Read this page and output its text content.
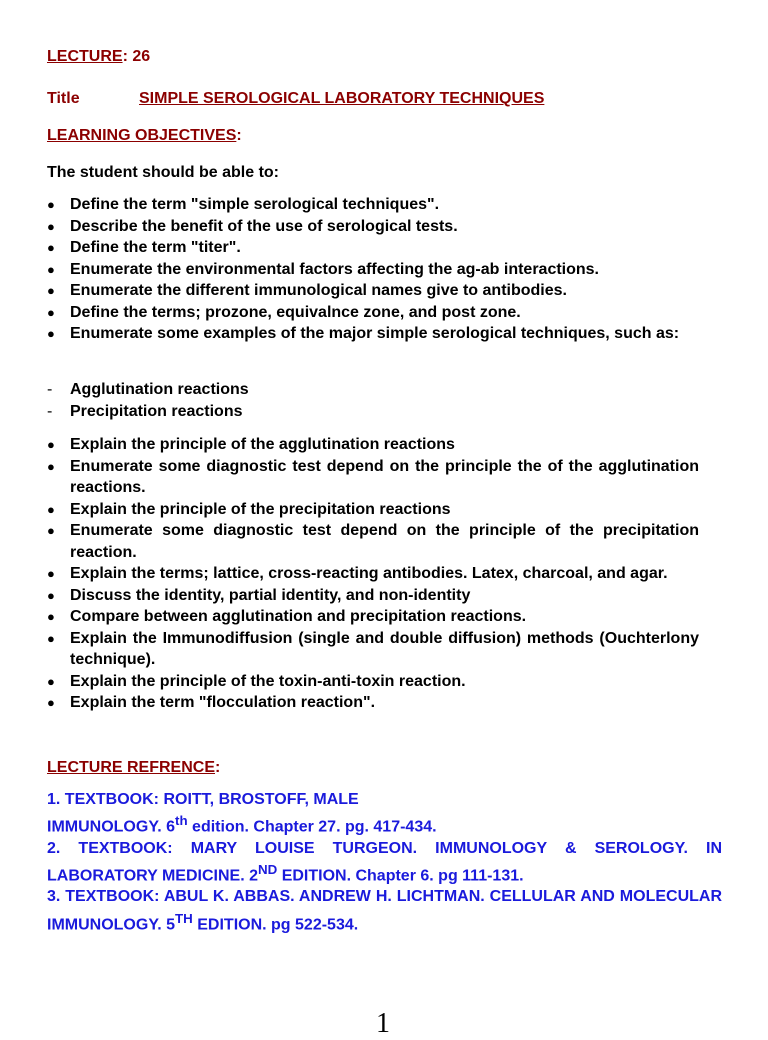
LECTURE: 26
Title	SIMPLE SEROLOGICAL LABORATORY TECHNIQUES
LEARNING OBJECTIVES:
The student should be able to:
● Define the term "simple serological techniques".
● Describe the benefit of the use of serological tests.
● Define the term "titer".
● Enumerate the environmental factors affecting the ag-ab interactions.
● Enumerate the different immunological names give to antibodies.
● Define the terms; prozone, equivalnce zone, and post zone.
● Enumerate some examples of the major simple serological techniques, such as:
- Agglutination reactions
- Precipitation reactions
● Explain the principle of the agglutination reactions
● Enumerate some diagnostic test depend on the principle the of the agglutination reactions.
● Explain the principle of the precipitation reactions
● Enumerate some diagnostic test depend on the principle of the precipitation reaction.
● Explain the terms; lattice, cross-reacting antibodies. Latex, charcoal, and agar.
● Discuss the identity, partial identity, and non-identity
● Compare between agglutination and precipitation reactions.
● Explain the Immunodiffusion (single and double diffusion) methods (Ouchterlony technique).
● Explain the principle of the toxin-anti-toxin reaction.
● Explain the term "flocculation reaction".
LECTURE REFRENCE:

1. TEXTBOOK: ROITT, BROSTOFF, MALE
IMMUNOLOGY. 6th edition. Chapter 27. pg. 417-434.

2. TEXTBOOK: MARY LOUISE TURGEON. IMMUNOLOGY & SEROLOGY. IN LABORATORY MEDICINE. 2ND EDITION. Chapter 6. pg 111-131.

3. TEXTBOOK: ABUL K. ABBAS. ANDREW H. LICHTMAN. CELLULAR AND MOLECULAR IMMUNOLOGY. 5TH EDITION. pg 522-534.

1
